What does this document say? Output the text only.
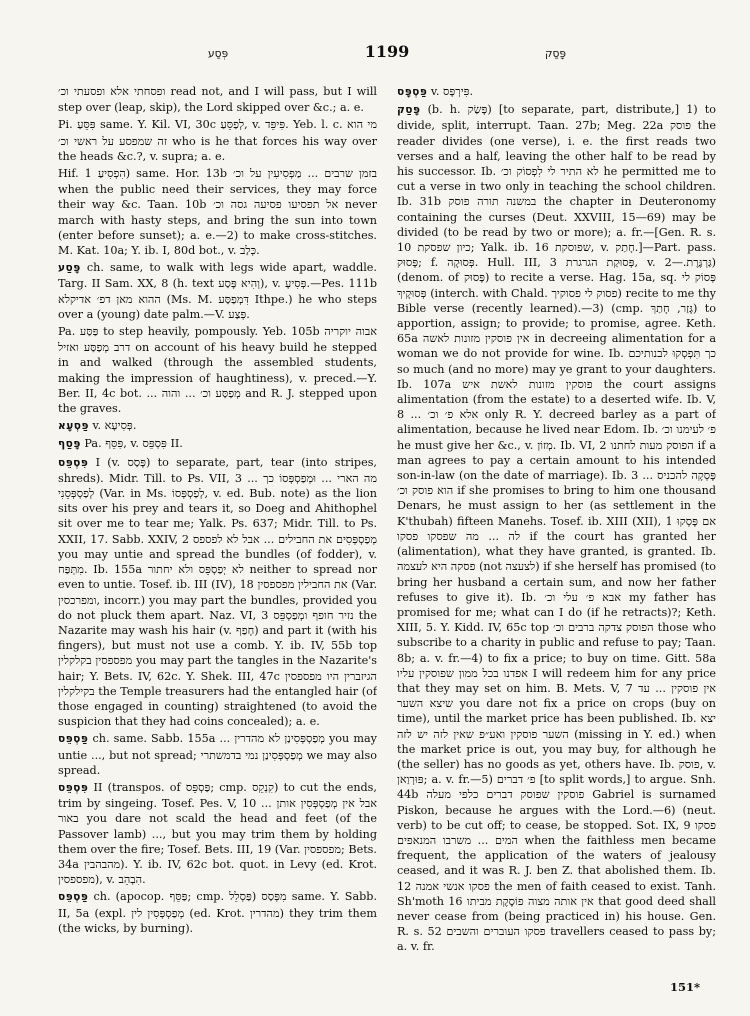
פְּסַע	1199	פָּסַק

ופסחתי אלא ופסעתי וכ׳ read not, and I will pass, but I will step over (leap, skip), the Lord skipped over &c.; a. e.

Pi. פִּסֵּעַ same. Y. Kil. VI, 30c לְפַסֵּעַ, v. פִּיפֵּד. Yeb. l. c. מי הוא זה שמפסע על ראשי וכ׳ who is he that forces his way over the heads &c.?, v. supra; a. e.

Hif. הִפְסִיעַ 1) same. Hor. 13b בזמן שרבים ... מַפְסִיעִין על וכ׳ when the public need their services, they may force their way &c. Taan. 10b אל תפסיעו פסיעה גסה וכ׳ never march with hasty steps, and bring the sun into town (enter before sunset); a. e.—2) to make cross-stitches. M. Kat. 10a; Y. ib. I, 80d bot., v. כְּלַב.

פָּסַע ch. same, to walk with legs wide apart, waddle. Targ. II Sam. XX, 8 (h. text וְהִיא פָּסַע), v. פְּסִיעָ.—Pes. 111b ההוא מאן דפ׳ אדיקלא (Ms. M. דִּמְפַסַּע Ithpe.) he who steps over a (young) date palm.—V. פְּצַע.

Pa. פַּסַּע to step heavily, pompously. Yeb. 105b אבוה יוקריה דרב מְפַסַּע ואזיל on account of his heavy build he stepped in and walked (through the assembled students, making the impression of haughtiness), v. preced.—Y. Ber. II, 4c bot. ... מְפַסַּע וכ׳ ... והוה and R. J. stepped upon the graves.

פַּסְעָא v. פְּסִיעָא.

פָּסַף Pa. פִּסֵּף, v. פִּסְפֵּס II.

פִּסְפֵּס I (v. פָּסַס) to separate, part, tear (into stripes, shreds). Midr. Till. to Ps. VII, 3 מה הארי ... וּמְפַסְפְּסוֹ כך ... לְפַסְפְּסֵנִי (Var. in Ms. לְפַסְפְּסוֹ, v. ed. Bub. note) as the lion sits over his prey and tears it, so Doeg and Ahithophel sit over me to tear me; Yalk. Ps. 637; Midr. Till. to Ps. XXII, 17. Sabb. XXIV, 2 מְפַסְפְּסִים את החבילים ... אבל לא לפספס you may untie and spread the bundles (of fodder), v. מִתְּפַּח. Ib. 155a לא יְפַסְפֵּס ולא יחתור neither to spread nor even to untie. Tosef. ib. III (IV), 18 את החבילין מפספסין (Var. ומפרכסין, incorr.) you may part the bundles, provided you do not pluck them apart. Naz. VI, 3 נזיר חופף ומְפַסְפֵּס the Nazarite may wash his hair (v. חָפַף) and part it (with his fingers), but must not use a comb. Y. ib. IV, 55b top מפספסין בקלקלין you may part the tangles in the Nazarite's hair; Y. Bets. IV, 62c. Y. Shek. III, 47c הגיזברין היו מפספסין בקילקלין the Temple treasurers had the entangled hair (of those engaged in counting) straightened (to avoid the suspicion that they had coins concealed); a. e.

פַּסְפֵּס ch. same. Sabb. 155a ... מְפַסְפְּסִינַן לא מהדרין you may untie ..., but not spread; מְפַסְפְּסִינַן נמי בדמשתרי we may also spread.

פִּסְפֵּס II (transpos. of פַּסְפֵּס; cmp. קִנְקֵס) to cut the ends, trim by singeing. Tosef. Pes. V, 10 ... אבל אין מְפַסְפְּסִין אותן באור you dare not scald the head and feet (of the Passover lamb) ..., but you may trim them by holding them over the fire; Tosef. Bets. III, 19 (Var. מפספסין; Bets. 34a מהבהבין). Y. ib. IV, 62c bot. quot. in Levy (ed. Krot. מפספסין), v. הִבְהֵב.

פַּסְפֵּס ch. (apocop. פַּסֵּף; cmp. פַּסְלֵל) מִפְּסַס same. Y. Sabb. II, 5a (expl. מְפַסְפְּסִין לין (ed. Krot. מהדרין) they trim them (the wicks, by burning).

פַּסְפָּס v. פִּירְפָּס.

פָּסַק (b. h. פָּשַׂק) [to separate, part, distribute,] 1) to divide, split, interrupt. Taan. 27b; Meg. 22a פוסק the reader divides (one verse), i. e. the first reads two verses and a half, leaving the other half to be read by his successor. Ib. לא התיר לי לִפְסוֹק וכ׳ he permitted me to cut a verse in two only in teaching the school children. Ib. 31b במשנה תורה פוסק the chapter in Deuteronomy containing the curses (Deut. XXVIII, 15—69) may be divided (to be read by two or more); a. fr.—[Gen. R. s. 10 כיון שפסקת; Yalk. ib. 16 שפוסקת, v. חָתַק.]—Part. pass. פָּסוּק; f. פְּסוּקָה. Hull. III, 3 פְּסוּקַת הגרגרת, v. גַּרְגֶּרֶת.—2) (denom. of פָּסוּק) to recite a verse. Hag. 15a, sq. פְּסוֹק לי פְּסוּקָיךְ (interch. with Chald. פסוק לי פסוקיך) recite to me thy Bible verse (recently learned).—3) (cmp. גָּזַר, חָתַךְ) to apportion, assign; to provide; to promise, agree. Keth. 65a אין פוסקין מזונות לאשה in decreeing alimentation for a woman we do not provide for wine. Ib. כך תִּפְסְקוּ לבנותיכם so much (and no more) may ye grant to your daughters. Ib. 107a פוסקין מזונות לאשת איש the court assigns alimentation (from the estate) to a deserted wife. Ib. V, 8 ... אלא פ׳ וכ׳ only R. Y. decreed barley as a part of alimentation, because he lived near Edom. Ib. פ׳ לעימנו וכ׳ he must give her &c., v. מְזוֹן. Ib. VI, 2 הפוסק מעות לחתנו if a man agrees to pay a certain amount to his intended son-in-law (on the date of marriage). Ib. 3 פָּסְקָה להכניס ... הוא פוסק וכ׳ if she promises to bring to him one thousand Denars, he must assign to her (as settlement in the K'thubah) fifteen Manehs. Tosef. ib. XIII (XII), 1 אם פָּסְקוּ לה ... מה שפסקו פסקו if the court has granted her (alimentation), what they have granted, is granted. Ib. פסקה היא לעצמה (not לצעצה) if she herself has promised (to bring her husband a certain sum, and now her father refuses to give it). Ib. אבא פ׳ עלי וכ׳ my father has promised for me; what can I do (if he retracts)?; Keth. XIII, 5. Y. Kidd. IV, 65c top הפוסק צדקה ברבים וכ׳ those who subscribe to a charity in public and refuse to pay; Taan. 8b; a. v. fr.—4) to fix a price; to buy on time. Gitt. 58a אפדנו בכל ממון שפוסקין עליו I will redeem him for any price that they may set on him. B. Mets. V, 7 אין פוסקין ... עד שיצא השער you dare not fix a price on crops (buy on time), until the market price has been published. Ib. יצא השער פוסקין ואע״פ שאין לזה יש לזה (missing in Y. ed.) when the market price is out, you may buy, for although he (the seller) has no goods as yet, others have. Ib. פוסק, v. פּוּרְוַאן; a. v. fr.—5) פ׳ דברים [to split words,] to argue. Snh. 44b פוסקין שפוסק דברים כלפי מעלה Gabriel is surnamed Piskon, because he argues with the Lord.—6) (neut. verb) to be cut off; to cease, be stopped. Sot. IX, 9 פסקו המים ... משרבו המנאפים when the faithless men became frequent, the application of the waters of jealousy ceased, and it was R. J. ben Z. that abolished them. Ib. 12 פסקו אנשי אמנה the men of faith ceased to exist. Tanh. Sh'moth 16 אין אותה מצוה פוֹסֶקֶת מביתו that good deed shall never cease from (being practiced in) his house. Gen. R. s. 52 פסקו העוברים והשבים travellers ceased to pass by; a. v. fr.

151*
